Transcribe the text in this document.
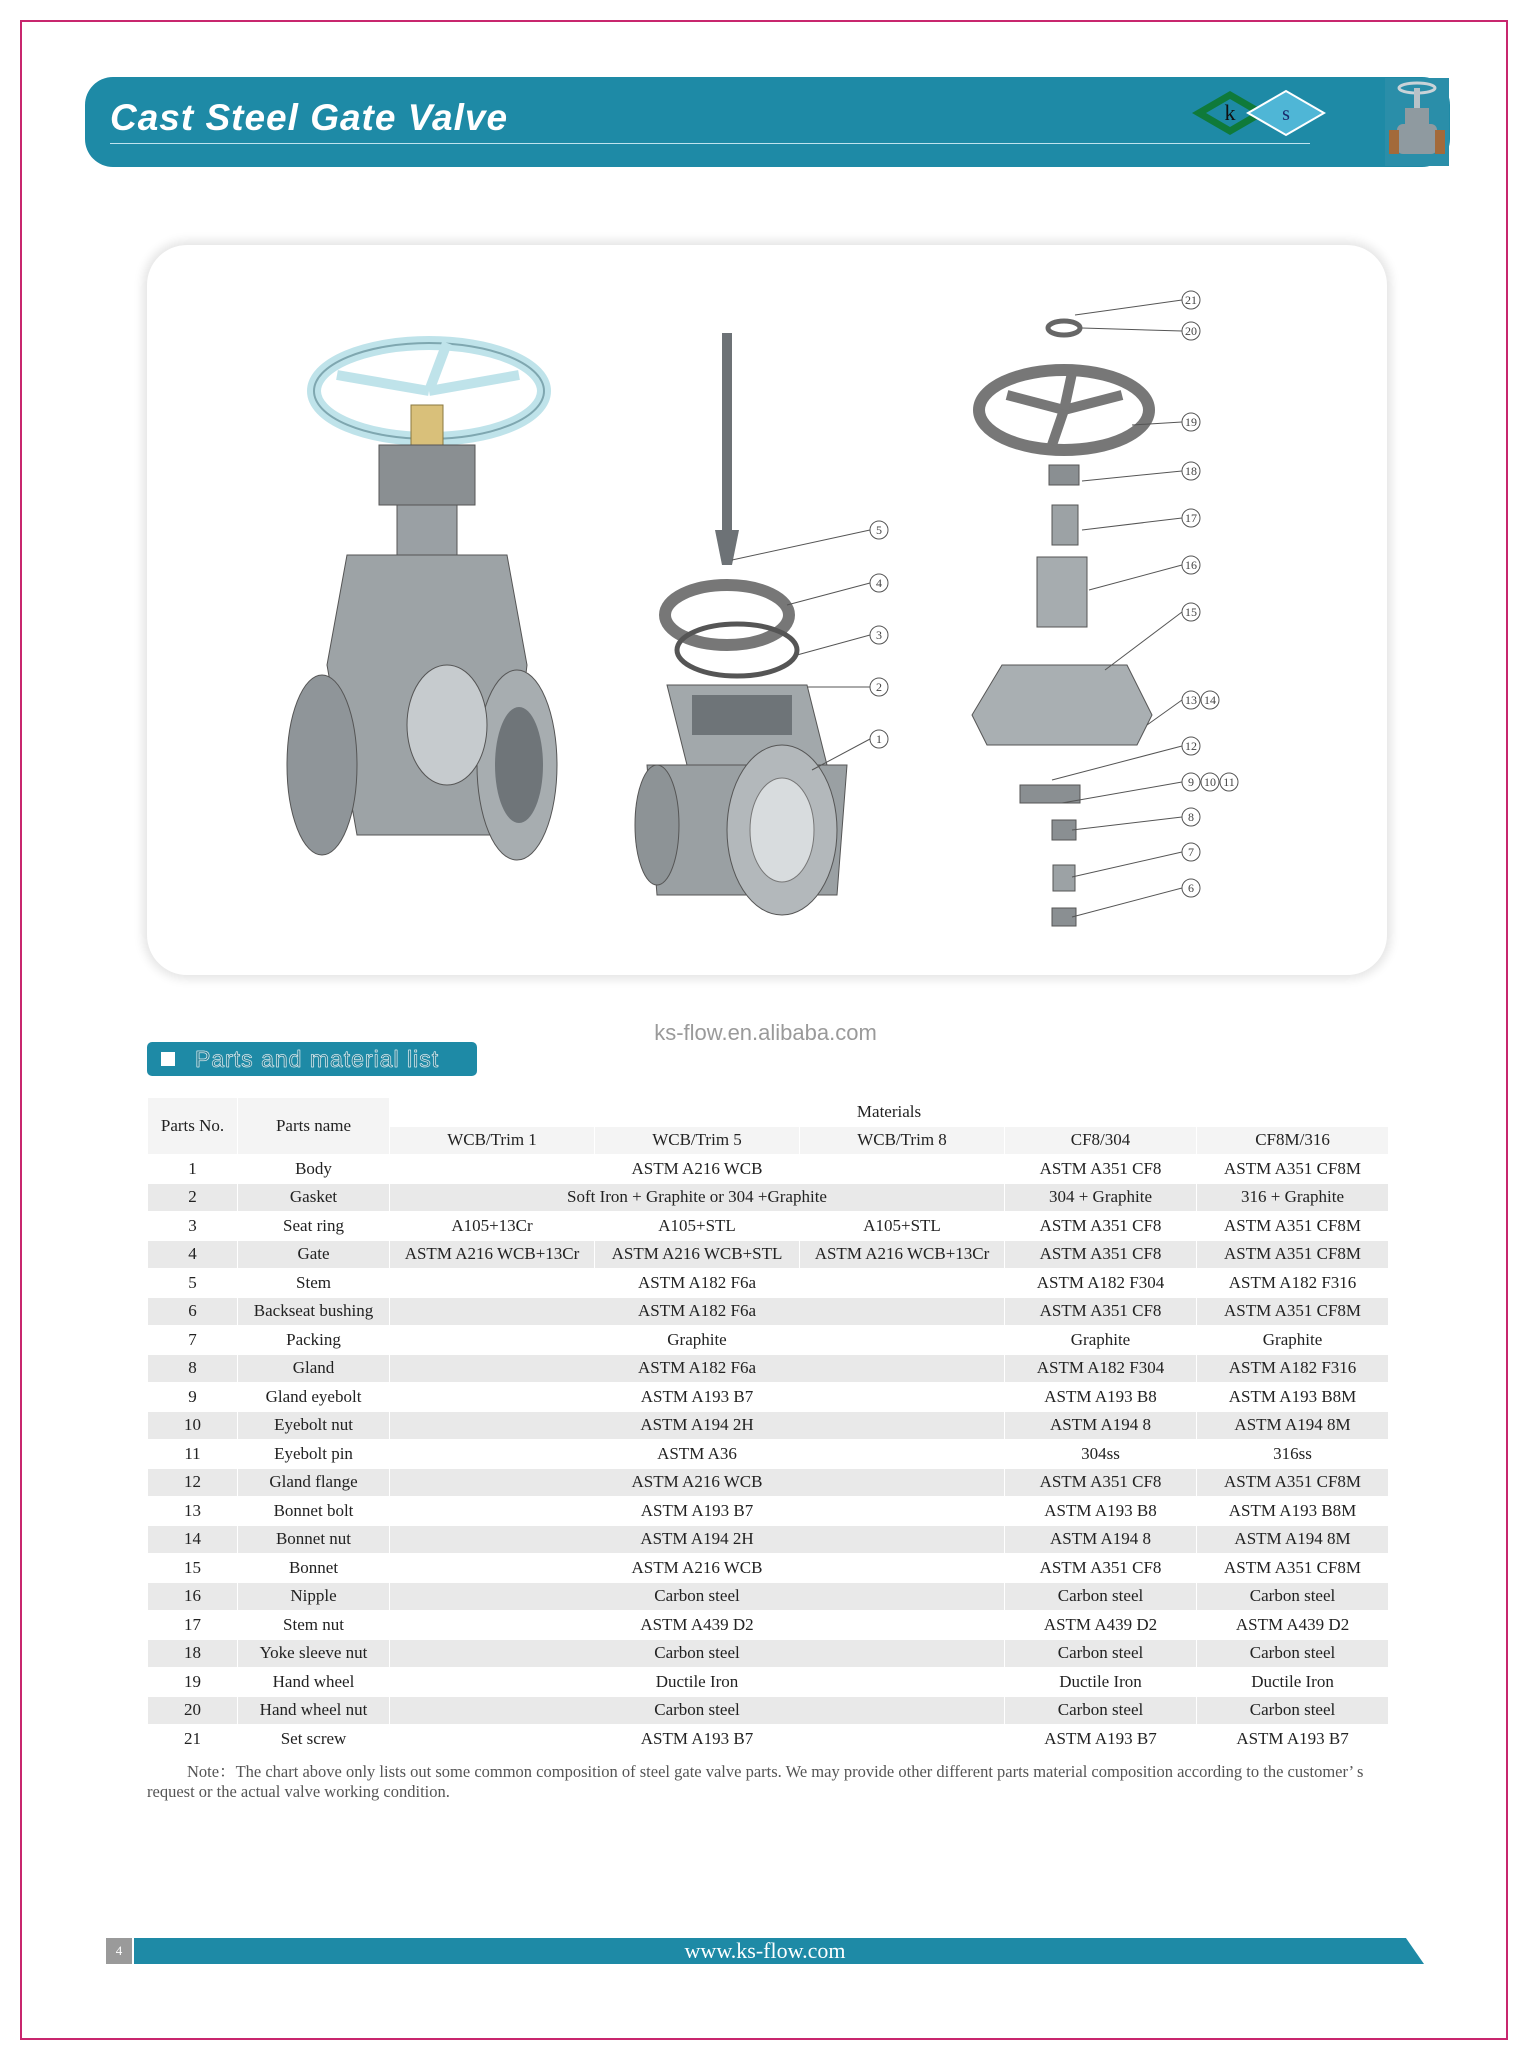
Cast Steel Gate Valve	k s
21
20
19
18
17
16
15
13 14
12
9 10 11
8
7
6
5
4
3
2
1
ks-flow.en.alibaba.com
Parts and material list
Parts No.	Parts name	Materials				
		WCB/Trim 1	WCB/Trim 5	WCB/Trim 8	CF8/304	CF8M/316
1	Body	ASTM A216 WCB			ASTM A351 CF8	ASTM A351 CF8M
2	Gasket	Soft Iron + Graphite or 304 +Graphite			304 + Graphite	316 + Graphite
3	Seat ring	A105+13Cr	A105+STL	A105+STL	ASTM A351 CF8	ASTM A351 CF8M
4	Gate	ASTM A216 WCB+13Cr	ASTM A216 WCB+STL	ASTM A216 WCB+13Cr	ASTM A351 CF8	ASTM A351 CF8M
5	Stem	ASTM A182 F6a			ASTM A182 F304	ASTM A182 F316
6	Backseat bushing	ASTM A182 F6a			ASTM A351 CF8	ASTM A351 CF8M
7	Packing	Graphite			Graphite	Graphite
8	Gland	ASTM A182 F6a			ASTM A182 F304	ASTM A182 F316
9	Gland eyebolt	ASTM A193 B7			ASTM A193 B8	ASTM A193 B8M
10	Eyebolt nut	ASTM A194 2H			ASTM A194 8	ASTM A194 8M
11	Eyebolt pin	ASTM A36			304ss	316ss
12	Gland flange	ASTM A216 WCB			ASTM A351 CF8	ASTM A351 CF8M
13	Bonnet bolt	ASTM A193 B7			ASTM A193 B8	ASTM A193 B8M
14	Bonnet nut	ASTM A194 2H			ASTM A194 8	ASTM A194 8M
15	Bonnet	ASTM A216 WCB			ASTM A351 CF8	ASTM A351 CF8M
16	Nipple	Carbon steel			Carbon steel	Carbon steel
17	Stem nut	ASTM A439 D2			ASTM A439 D2	ASTM A439 D2
18	Yoke sleeve nut	Carbon steel			Carbon steel	Carbon steel
19	Hand wheel	Ductile Iron			Ductile Iron	Ductile Iron
20	Hand wheel nut	Carbon steel			Carbon steel	Carbon steel
21	Set screw	ASTM A193 B7			ASTM A193 B7	ASTM A193 B7
Note：The chart above only lists out some common composition of steel gate valve parts. We may provide other different parts material composition according to the customer’ s request or the actual valve working condition.
4	www.ks-flow.com
